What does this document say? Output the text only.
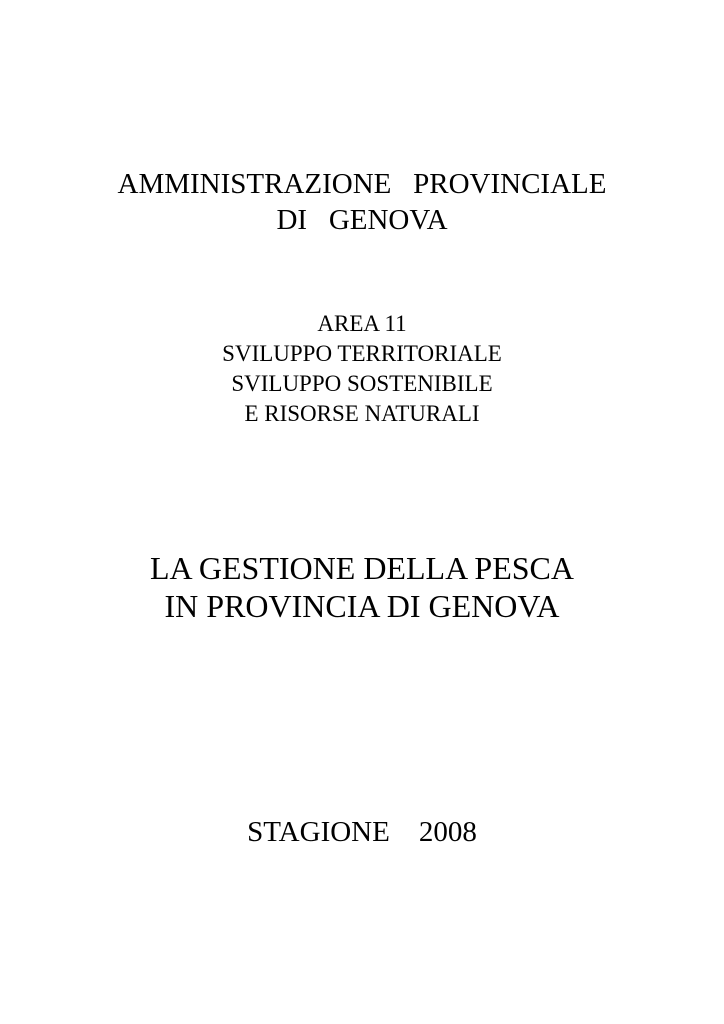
AMMINISTRAZIONE   PROVINCIALE
DI   GENOVA
AREA 11
SVILUPPO TERRITORIALE
SVILUPPO SOSTENIBILE
E RISORSE NATURALI
LA GESTIONE DELLA PESCA
IN PROVINCIA DI GENOVA
STAGIONE    2008
